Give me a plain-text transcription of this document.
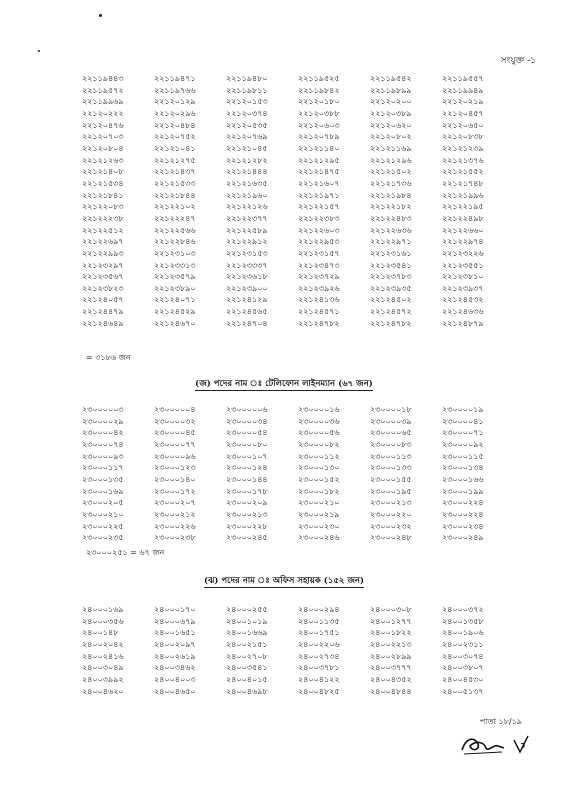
সংযুক্ত -১
২২১১৯৪৪৩	২২১১৯৪৭১	২২১১৯৪৮০	২২১১৯৫২৫	২২১১৯৫৪২	২২১১৯৫৫৭
২২১১৯৫৭২	২২১১৯৭৬৬	২২১১৯৮১১	২২১১৯৮৪২	২২১১৯৮৯৯	২২১১৯৯৪৯
২২১১৯৯৬৯	২২১২০১২৯	২২১২০১৫৩	২২১২০১৮০	২২১২০২০০	২২১২০২১৯
২২১২০২২২	২২১২০২৯৬	২২১২০৩৭৪	২২১২০৩৮৮	২২১২০৩৮৯	২২১২০৪৫৭
২২১২০৪৭৬	২২১২০৪৮৪	২২১২০৫৩৫	২২১২০৬০৩	২২১২০৬২০	২২১২০৬৫০
২২১২০৭০৩	২২১২০৭৫২	২২১২০৭৬৯	২২১২০৭৮৯	২২১২০৮০২	২২১২০৮৩৮
২২১২০৮০৪	২২১২১০৪১	২২১২১০৪৫	২২১২১১৪০	২২১২১১৬৯	২২১২১২৩৯
২২১২১২৬৩	২২১২১২৭৫	২২১২১২৮২	২২১২১২৯৫	২২১২১২৯৬	২২১২১৩৭৬
২২১২১৪০৮	২২১২১৪৩৭	২২১২১৪৪৪	২২১২১৪৭৫	২২১২১৫০২	২২১২১৫৫২
২২১২১৫৩৪	২২১২১৫৩৩	২২১২১৬৩৫	২২১২১৬০৭	২২১২১৭৩৬	২২১২১৭৪৮
২২১২১৮৪১	২২১২১৮৪৪	২২১২১৯৬০	২২১২১৯৭১	২২১২১৯৮৪	২২১২১৯৯৬
২২১২২০৮৩	২২১২২১০২	২২১২২১২৬	২২১২২১৫৭	২২১২২১৮২	২২১২২১৯৫
২২১২২২৩৮	২২১২২২৪৭	২২১২২৩৭৭	২২১২২৩৮৩	২২১২২৪৮৩	২২১২২৪৯৮
২২১২২৫১২	২২১২২৫৬৬	২২১২২৫৮৯	২২১২২৬০৩	২২১২২৬৩৬	২২১২২৬৬০
২২১২২৬৯৭	২২১২২৮৪৬	২২১২২৯১২	২২১২২৯৫৩	২২১২২৯৭১	২২১২২৯৭৪
২২১২২৯৯৩	২২১২৩১০৩	২২১২৩১৫৩	২২১২৩১৫৭	২২১২৩১৬১	২২১২৩২২৬
২২১২৩২৯৭	২২১২৩৩১৩	২২১২৩৩৩৭	২২১২৩৪৭৩	২২১২৩৫৪১	২২১২৩৫৫১
২২১২৩৫৬৭	২২১২৩৫৭৯	২২১২৩৬১৮	২২১২৩৭২৯	২২১২৩৭৮৩	২২১২৩৮১০
২২১২৩৮২৩	২২১২৩৮৯০	২২১২৩৯০০	২২১২৩৯২৬	২২১২৩৯৩৫	২২১২৩৯৩৭
২২১২৪০৫৭	২২১২৪০৭১	২২১২৪১২৯	২২১২৪১৩৬	২২১২৪৫০২	২২১২৪৫৩২
২২১২৪৪৭৯	২২১২৪৫২৯	২২১২৪৫৬৫	২২১২৪৫৭১	২২১২৪৫৭২	২২১২৪৬৩৬
২২১২৪৬৪৯	২২১২৪৬৭০	২২১২৪৭০৪	২২১২৪৭৮২	২২১২৪৭৮২	২২১২৪৮৭৯
= ৩১৮৬ জন
(জ) পদের নাম ঃ টেলিফোন লাইনম্যান (৬৭ জন)
২৩০০০০০৩	২৩০০০০০৪	২৩০০০০০৬	২৩০০০০১৬	২৩০০০০১৮	২৩০০০০১৯
২৩০০০০২৯	২৩০০০০৩২	২৩০০০০৩৪	২৩০০০০৩৬	২৩০০০০৩৯	২৩০০০০৪১
২৩০০০০৪২	২৩০০০০৪৫	২৩০০০০৫৪	২৩০০০০৫৬	২৩০০০০৬৫	২৩০০০০৭১
২৩০০০০৭৪	২৩০০০০৭৭	২৩০০০০৮০	২৩০০০০৮২	২৩০০০০৮৩	২৩০০০০৯২
২৩০০০০৯৩	২৩০০০০৯৬	২৩০০০১০৭	২৩০০০১১২	২৩০০০১১৩	২৩০০০১১৫
২৩০০০১১৭	২৩০০০১২৩	২৩০০০১২৪	২৩০০০১৩০	২৩০০০১৩৩	২৩০০০১৩৪
২৩০০০১৩৫	২৩০০০১৪০	২৩০০০১৪৪	২৩০০০১৫২	২৩০০০১৫৫	২৩০০০১৬৬
২৩০০০১৬৯	২৩০০০১৭২	২৩০০০১৭৮	২৩০০০১৮২	২৩০০০১৯৫	২৩০০০১৯৯
২৩০০০২০৫	২৩০০০২০৭	২৩০০০২০৯	২৩০০০২১০	২৩০০০২১৩	২৩০০০২২৪
২৩০০০২১০	২৩০০০২১২	২৩০০০২১৩	২৩০০০২১৯	২৩০০০২২০	২৩০০০২২৪
২৩০০০২২৫	২৩০০০২২৬	২৩০০০২২৮	২৩০০০২৩০	২৩০০০২৩২	২৩০০০২৩৪
২৩০০০২৩৫	২৩০০০২৩৮	২৩০০০২৪৫	২৩০০০২৪৬	২৩০০০২৪৮	২৩০০০২৪৯
২৩০০০২৫১ = ৬৭ জন
(ঝ) পদের নাম ঃ অফিস সহায়ক (১৫২ জন)
২৪০০০১৬৯	২৪০০০১৭০	২৪০০০২৫৫	২৪০০০২৯৪	২৪০০০৩০৮	২৪০০০৩৭২
২৪০০০৩৫৬	২৪০০০৬৭৯	২৪০০১০১৯	২৪০০১১৩৫	২৪০০১২৭৭	২৪০০১৩৫৮
২৪০০১৪৮	২৪০০১৬৫১	২৪০০১৬৬৯	২৪০০১৭৫১	২৪০০১৮২২	২৪০০১৯০৬
২৪০০২০৪২	২৪০০২০৯৭	২৪০০২১৫১	২৪০০২২০৬	২৪০০২২১৩	২৪০০২৩১১
২৪০০২৪১৬	২৪০০২৬১৯	২৪০০২৭০৮	২৪০০২৭৩৪	২৪০০২৮৯৯	২৪০০৩০৭৪
২৪০০৩০৪৯	২৪০০৩৪৬২	২৪০০৩৫৪১	২৪০০৩৭৮১	২৪০০৩৭৭৭	২৪০০৩৮০৭
২৪০০৩৯৯২	২৪০০৪০০৩	২৪০০৪০১৫	২৪০০৪১২২	২৪০০৪৩৫২	২৪০০৪৫৩০
২৪০০৪৬২০	২৪০০৪৬৫০	২৪০০৪৬৯৮	২৪০০৪৮২৫	২৪০০৪৮৪৪	২৪০০৫১৩৭
পাতা ১৮/১৯
